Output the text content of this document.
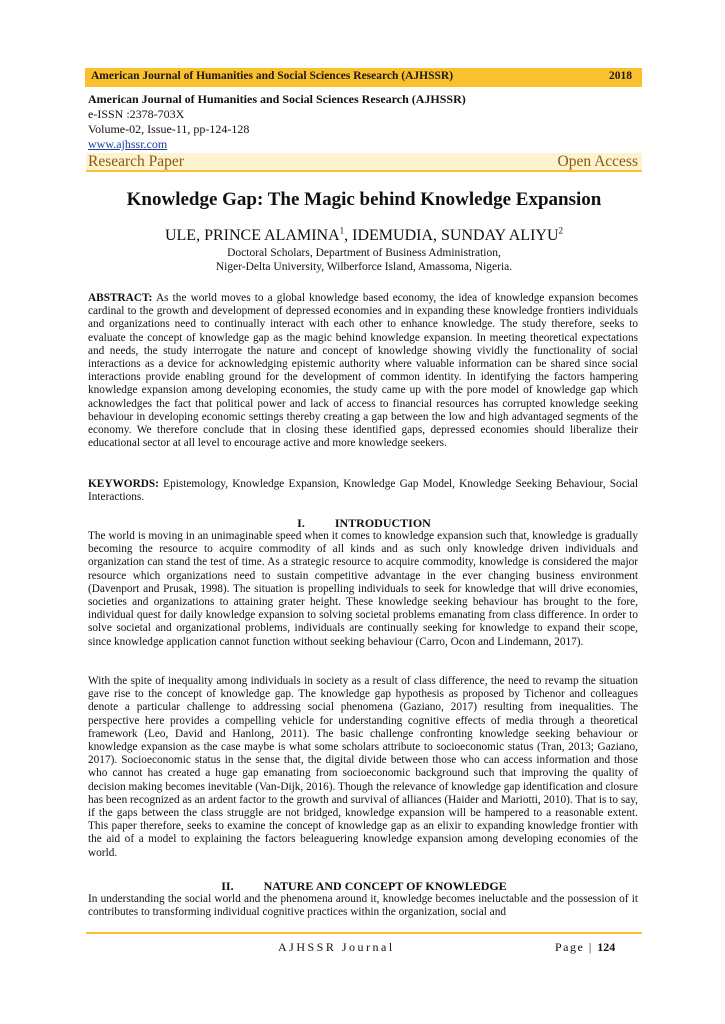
American Journal of Humanities and Social Sciences Research (AJHSSR)	2018
American Journal of Humanities and Social Sciences Research (AJHSSR)
e-ISSN :2378-703X
Volume-02, Issue-11, pp-124-128
www.ajhssr.com
Research Paper	Open Access
Knowledge Gap: The Magic behind Knowledge Expansion
ULE, PRINCE ALAMINA$^1$, IDEMUDIA, SUNDAY ALIYU$^2$
Doctoral Scholars, Department of Business Administration,
Niger-Delta University, Wilberforce Island, Amassoma, Nigeria.
ABSTRACT: As the world moves to a global knowledge based economy, the idea of knowledge expansion becomes cardinal to the growth and development of depressed economies and in expanding these knowledge frontiers individuals and organizations need to continually interact with each other to enhance knowledge. The study therefore, seeks to evaluate the concept of knowledge gap as the magic behind knowledge expansion. In meeting theoretical expectations and needs, the study interrogate the nature and concept of knowledge showing vividly the functionality of social interactions as a device for acknowledging epistemic authority where valuable information can be shared since social interactions provide enabling ground for the development of common identity. In identifying the factors hampering knowledge expansion among developing economies, the study came up with the pore model of knowledge gap which acknowledges the fact that political power and lack of access to financial resources has corrupted knowledge seeking behaviour in developing economic settings thereby creating a gap between the low and high advantaged segments of the economy. We therefore conclude that in closing these identified gaps, depressed economies should liberalize their educational sector at all level to encourage active and more knowledge seekers.
KEYWORDS: Epistemology, Knowledge Expansion, Knowledge Gap Model, Knowledge Seeking Behaviour, Social Interactions.
I.	INTRODUCTION
The world is moving in an unimaginable speed when it comes to knowledge expansion such that, knowledge is gradually becoming the resource to acquire commodity of all kinds and as such only knowledge driven individuals and organization can stand the test of time. As a strategic resource to acquire commodity, knowledge is considered the major resource which organizations need to sustain competitive advantage in the ever changing business environment (Davenport and Prusak, 1998). The situation is propelling individuals to seek for knowledge that will drive economies, societies and organizations to attaining grater height. These knowledge seeking behaviour has brought to the fore, individual quest for daily knowledge expansion to solving societal problems emanating from class difference. In order to solve societal and organizational problems, individuals are continually seeking for knowledge to expand their scope, since knowledge application cannot function without seeking behaviour (Carro, Ocon and Lindemann, 2017).
With the spite of inequality among individuals in society as a result of class difference, the need to revamp the situation gave rise to the concept of knowledge gap. The knowledge gap hypothesis as proposed by Tichenor and colleagues denote a particular challenge to addressing social phenomena (Gaziano, 2017) resulting from inequalities. The perspective here provides a compelling vehicle for understanding cognitive effects of media through a theoretical framework (Leo, David and Hanlong, 2011). The basic challenge confronting knowledge seeking behaviour or knowledge expansion as the case maybe is what some scholars attribute to socioeconomic status (Tran, 2013; Gaziano, 2017). Socioeconomic status in the sense that, the digital divide between those who can access information and those who cannot has created a huge gap emanating from socioeconomic background such that improving the quality of decision making becomes inevitable (Van-Dijk, 2016). Though the relevance of knowledge gap identification and closure has been recognized as an ardent factor to the growth and survival of alliances (Haider and Mariotti, 2010). That is to say, if the gaps between the class struggle are not bridged, knowledge expansion will be hampered to a reasonable extent. This paper therefore, seeks to examine the concept of knowledge gap as an elixir to expanding knowledge frontier with the aid of a model to explaining the factors beleaguering knowledge expansion among developing economies of the world.
II.	NATURE AND CONCEPT OF KNOWLEDGE
In understanding the social world and the phenomena around it, knowledge becomes ineluctable and the possession of it contributes to transforming individual cognitive practices within the organization, social and
AJHSSR Journal	Page | 124
